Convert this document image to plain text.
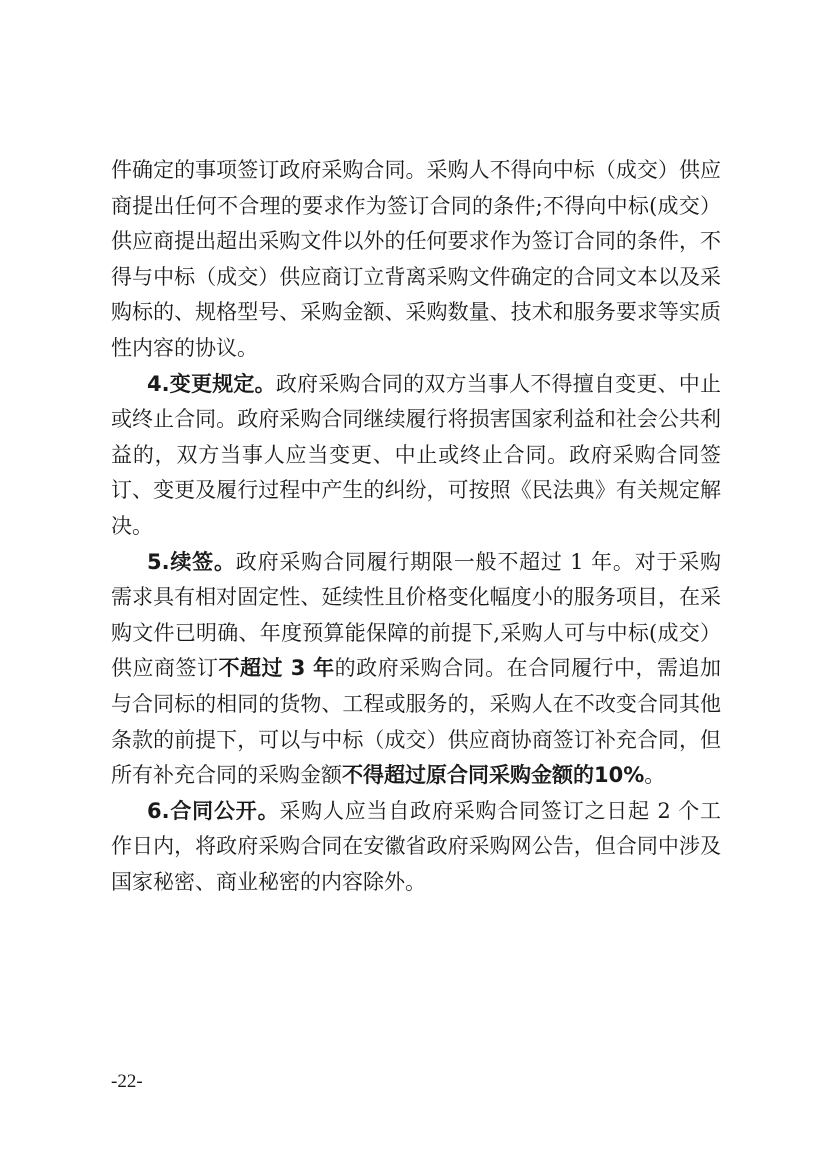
件确定的事项签订政府采购合同。采购人不得向中标（成交）供应商提出任何不合理的要求作为签订合同的条件;不得向中标(成交）供应商提出超出采购文件以外的任何要求作为签订合同的条件，不得与中标（成交）供应商订立背离采购文件确定的合同文本以及采购标的、规格型号、采购金额、采购数量、技术和服务要求等实质性内容的协议。

4.变更规定。政府采购合同的双方当事人不得擅自变更、中止或终止合同。政府采购合同继续履行将损害国家利益和社会公共利益的，双方当事人应当变更、中止或终止合同。政府采购合同签订、变更及履行过程中产生的纠纷，可按照《民法典》有关规定解决。

5.续签。政府采购合同履行期限一般不超过 1 年。对于采购需求具有相对固定性、延续性且价格变化幅度小的服务项目，在采购文件已明确、年度预算能保障的前提下,采购人可与中标(成交）供应商签订不超过 3 年的政府采购合同。在合同履行中，需追加与合同标的相同的货物、工程或服务的，采购人在不改变合同其他条款的前提下，可以与中标（成交）供应商协商签订补充合同，但所有补充合同的采购金额不得超过原合同采购金额的10%。

6.合同公开。采购人应当自政府采购合同签订之日起 2 个工作日内，将政府采购合同在安徽省政府采购网公告，但合同中涉及国家秘密、商业秘密的内容除外。

-22-
